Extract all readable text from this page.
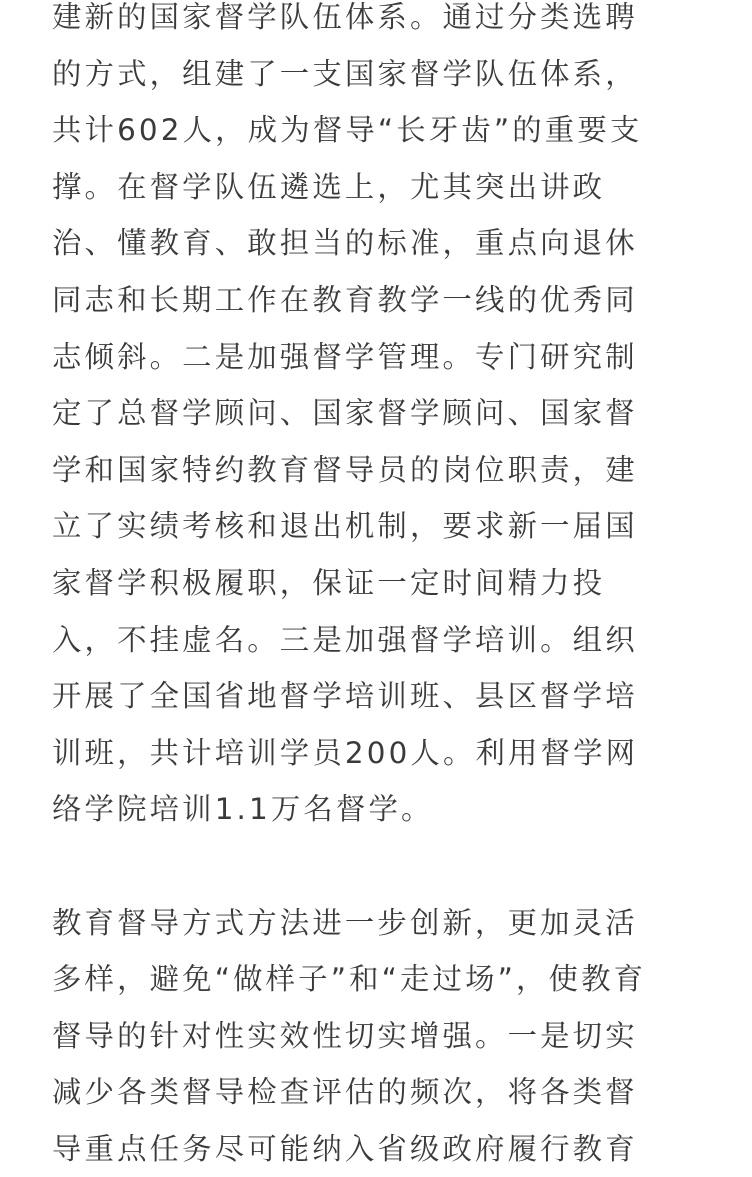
建新的国家督学队伍体系。通过分类选聘
的方式，组建了一支国家督学队伍体系，
共计602人，成为督导“长牙齿”的重要支
撑。在督学队伍遴选上，尤其突出讲政
治、懂教育、敢担当的标准，重点向退休
同志和长期工作在教育教学一线的优秀同
志倾斜。二是加强督学管理。专门研究制
定了总督学顾问、国家督学顾问、国家督
学和国家特约教育督导员的岗位职责，建
立了实绩考核和退出机制，要求新一届国
家督学积极履职，保证一定时间精力投
入，不挂虚名。三是加强督学培训。组织
开展了全国省地督学培训班、县区督学培
训班，共计培训学员200人。利用督学网
络学院培训1.1万名督学。
教育督导方式方法进一步创新，更加灵活
多样，避免“做样子”和“走过场”，使教育
督导的针对性实效性切实增强。一是切实
减少各类督导检查评估的频次，将各类督
导重点任务尽可能纳入省级政府履行教育
